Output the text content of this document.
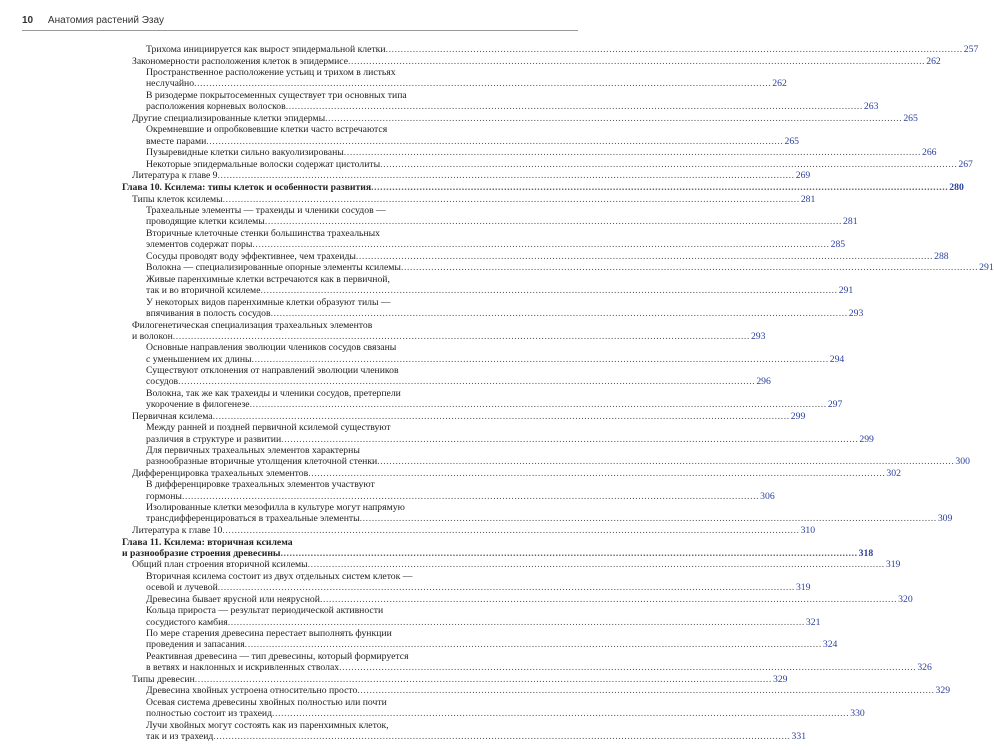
10 Анатомия растений Эзау
Трихома инициируется как вырост эпидермальной клетки .....	257
Закономерности расположения клеток в эпидермисе .....	262
Пространственное расположение устьиц и трихом в листьях
неслучайно .....	262
В ризодерме покрытосеменных существует три основных типа
расположения корневых волосков .....	263
Другие специализированные клетки эпидермы .....	265
Окремневшие и опробковевшие клетки часто встречаются
вместе парами .....	265
Пузыревидные клетки сильно вакуолизированы .....	266
Некоторые эпидермальные волоски содержат цистолиты .....	267
Литература к главе 9 .....	269
Глава 10. Ксилема: типы клеток и особенности развития .....	280
Типы клеток ксилемы .....	281
Трахеальные элементы — трахеиды и членики сосудов —
проводящие клетки ксилемы .....	281
Вторичные клеточные стенки большинства трахеальных
элементов содержат поры .....	285
Сосуды проводят воду эффективнее, чем трахеиды .....	288
Волокна — специализированные опорные элементы ксилемы .....	291
Живые паренхимные клетки встречаются как в первичной,
так и во вторичной ксилеме .....	291
У некоторых видов паренхимные клетки образуют тилы —
впячивания в полость сосудов .....	293
Филогенетическая специализация трахеальных элементов
и волокон .....	293
Основные направления эволюции члеников сосудов связаны
с уменьшением их длины .....	294
Существуют отклонения от направлений эволюции члеников
сосудов .....	296
Волокна, так же как трахеиды и членики сосудов, претерпели
укорочение в филогенезе .....	297
Первичная ксилема .....	299
Между ранней и поздней первичной ксилемой существуют
различия в структуре и развитии .....	299
Для первичных трахеальных элементов характерны
разнообразные вторичные утолщения клеточной стенки .....	300
Дифференцировка трахеальных элементов .....	302
В дифференцировке трахеальных элементов участвуют
гормоны .....	306
Изолированные клетки мезофилла в культуре могут напрямую
трансдифференцироваться в трахеальные элементы .....	309
Литература к главе 10 .....	310
Глава 11. Ксилема: вторичная ксилема
и разнообразие строения древесины .....	318
Общий план строения вторичной ксилемы .....	319
Вторичная ксилема состоит из двух отдельных систем клеток —
осевой и лучевой .....	319
Древесина бывает ярусной или неярусной .....	320
Кольца прироста — результат периодической активности
сосудистого камбия .....	321
По мере старения древесина перестает выполнять функции
проведения и запасания .....	324
Реактивная древесина — тип древесины, который формируется
в ветвях и наклонных и искривленных стволах .....	326
Типы древесин .....	329
Древесина хвойных устроена относительно просто .....	329
Осевая система древесины хвойных полностью или почти
полностью состоит из трахеид .....	330
Лучи хвойных могут состоять как из паренхимных клеток,
так и из трахеид .....	331
